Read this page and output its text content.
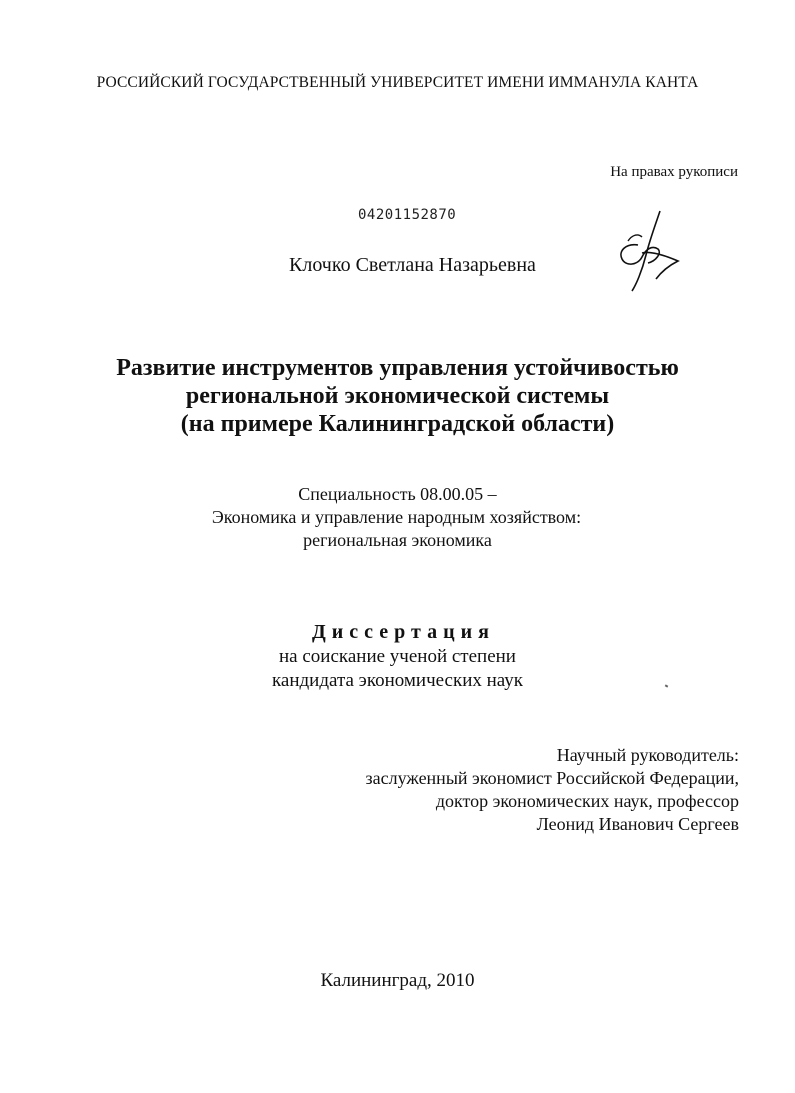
РОССИЙСКИЙ ГОСУДАРСТВЕННЫЙ УНИВЕРСИТЕТ ИМЕНИ ИММАНУЛА КАНТА
На правах рукописи
04201152870
Клочко Светлана Назарьевна
Развитие инструментов управления устойчивостью
региональной экономической системы
(на примере Калининградской области)
Специальность 08.00.05 –
Экономика и управление народным хозяйством:
региональная экономика
Диссертация
на соискание ученой степени
кандидата экономических наук
Научный руководитель:
заслуженный экономист Российской Федерации,
доктор экономических наук, профессор
Леонид Иванович Сергеев
Калининград, 2010
